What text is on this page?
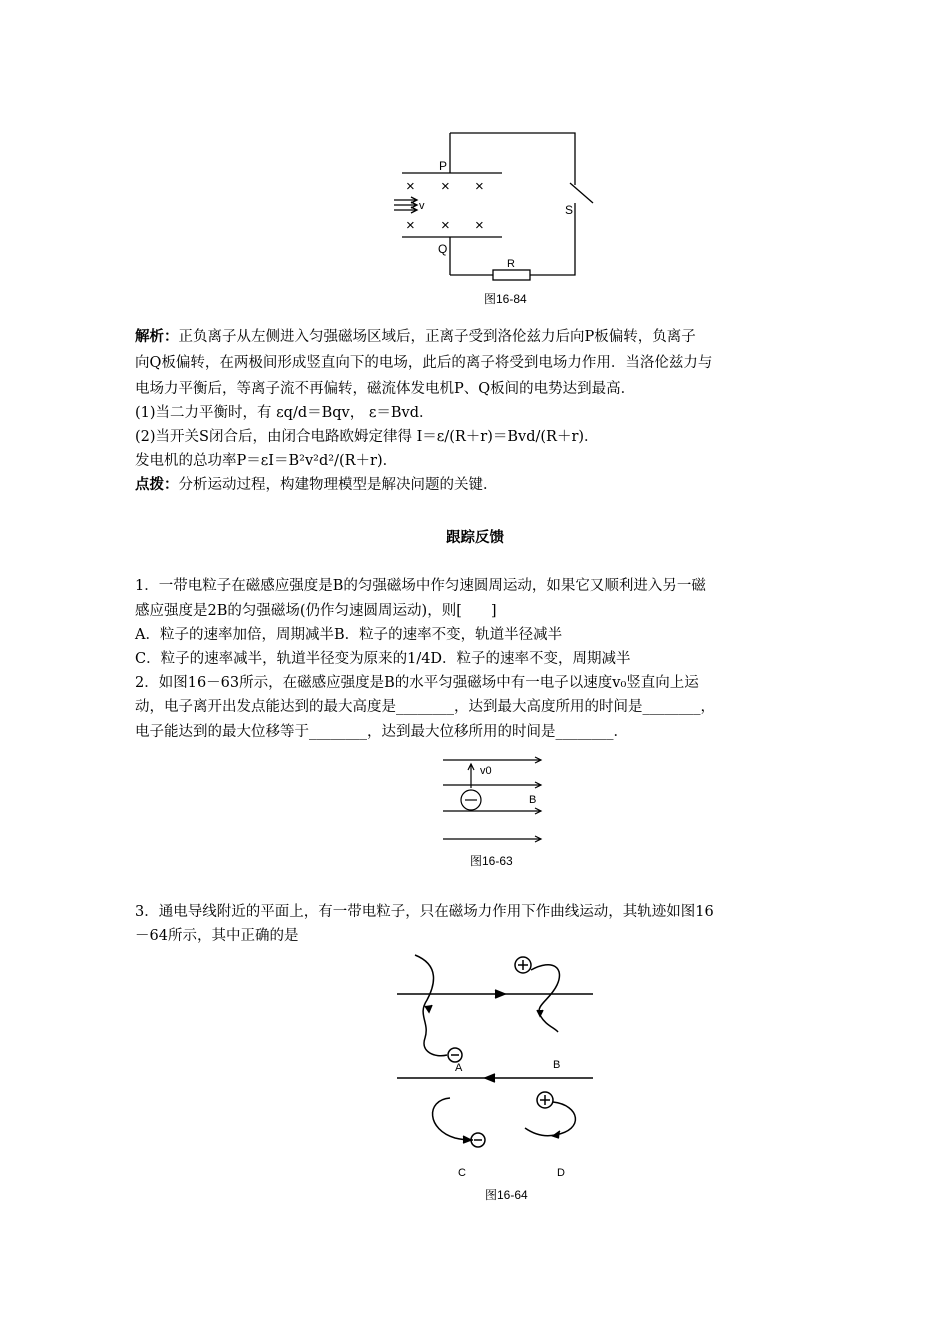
P
Q
v	S
R
× × ×
× × ×
图16-84
解析：正负离子从左侧进入匀强磁场区域后，正离子受到洛伦兹力后向P板偏转，负离子
向Q板偏转，在两极间形成竖直向下的电场，此后的离子将受到电场力作用．当洛伦兹力与
电场力平衡后，等离子流不再偏转，磁流体发电机P、Q板间的电势达到最高．
(1)当二力平衡时，有 εq/d＝Bqv， ε＝Bvd．
(2)当开关S闭合后，由闭合电路欧姆定律得 I＝ε/(R＋r)＝Bvd/(R＋r)．
发电机的总功率P＝εI＝B²v²d²/(R＋r)．
点拨：分析运动过程，构建物理模型是解决问题的关键．
跟踪反馈
1．一带电粒子在磁感应强度是B的匀强磁场中作匀速圆周运动，如果它又顺利进入另一磁
感应强度是2B的匀强磁场(仍作匀速圆周运动)，则[　　]
A．粒子的速率加倍，周期减半B．粒子的速率不变，轨道半径减半
C．粒子的速率减半，轨道半径变为原来的1/4D．粒子的速率不变，周期减半
2．如图16－63所示，在磁感应强度是B的水平匀强磁场中有一电子以速度v₀竖直向上运
动，电子离开出发点能达到的最大高度是________，达到最大高度所用的时间是________，
电子能达到的最大位移等于________，达到最大位移所用的时间是________．
v0
B
图16-63
3．通电导线附近的平面上，有一带电粒子，只在磁场力作用下作曲线运动，其轨迹如图16
－64所示，其中正确的是
A	B
C	D
图16-64
